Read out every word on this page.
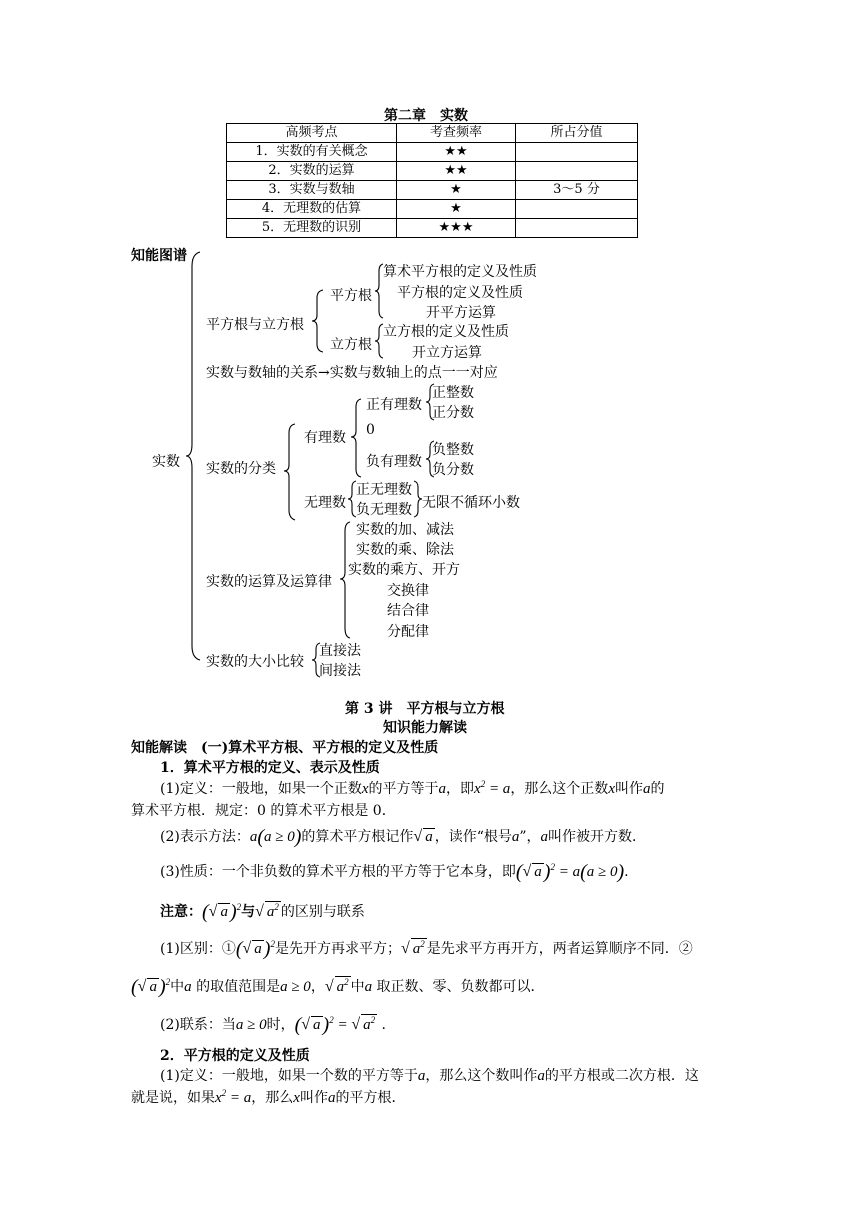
第二章　实数
高频考点	考查频率	所占分值
1．实数的有关概念	★★	
2．实数的运算	★★	
3．实数与数轴	★	3～5 分
4．无理数的估算	★	
5．无理数的识别	★★★	
知能图谱
实数
平方根与立方根
平方根
算术平方根的定义及性质
平方根的定义及性质
开平方运算
立方根
立方根的定义及性质
开立方运算
实数与数轴的关系→实数与数轴上的点一一对应
实数的分类
有理数
正有理数
正整数
正分数
0
负有理数
负整数
负分数
无理数
正无理数
负无理数 无限不循环小数
实数的运算及运算律
实数的加、减法
实数的乘、除法
实数的乘方、开方
交换律
结合律
分配律
实数的大小比较
直接法
间接法
第 3 讲　平方根与立方根
知识能力解读
知能解读　(一)算术平方根、平方根的定义及性质
1．算术平方根的定义、表示及性质
(1)定义：一般地，如果一个正数x的平方等于a，即$x^2 = a$，那么这个正数x叫作a的
算术平方根．规定：0 的算术平方根是 0．
(2)表示方法：a(a ≥ 0)的算术平方根记作√ a ，读作“根号a”，a叫作被开方数．
(3)性质：一个非负数的算术平方根的平方等于它本身，即(√ a )$^2$ = a(a ≥ 0).
注意：(√ a )$^2$与√ $a^2$ 的区别与联系
(1)区别：①(√ a )$^2$是先开方再求平方；√ $a^2$ 是先求平方再开方，两者运算顺序不同．②
(√ a )$^2$中a 的取值范围是a ≥ 0，√ $a^2$ 中a 取正数、零、负数都可以．
(2)联系：当a ≥ 0时，(√ a )$^2$ = √ $a^2$ .
2．平方根的定义及性质
(1)定义：一般地，如果一个数的平方等于a，那么这个数叫作a的平方根或二次方根．这
就是说，如果$x^2 = a$，那么x叫作a的平方根．
